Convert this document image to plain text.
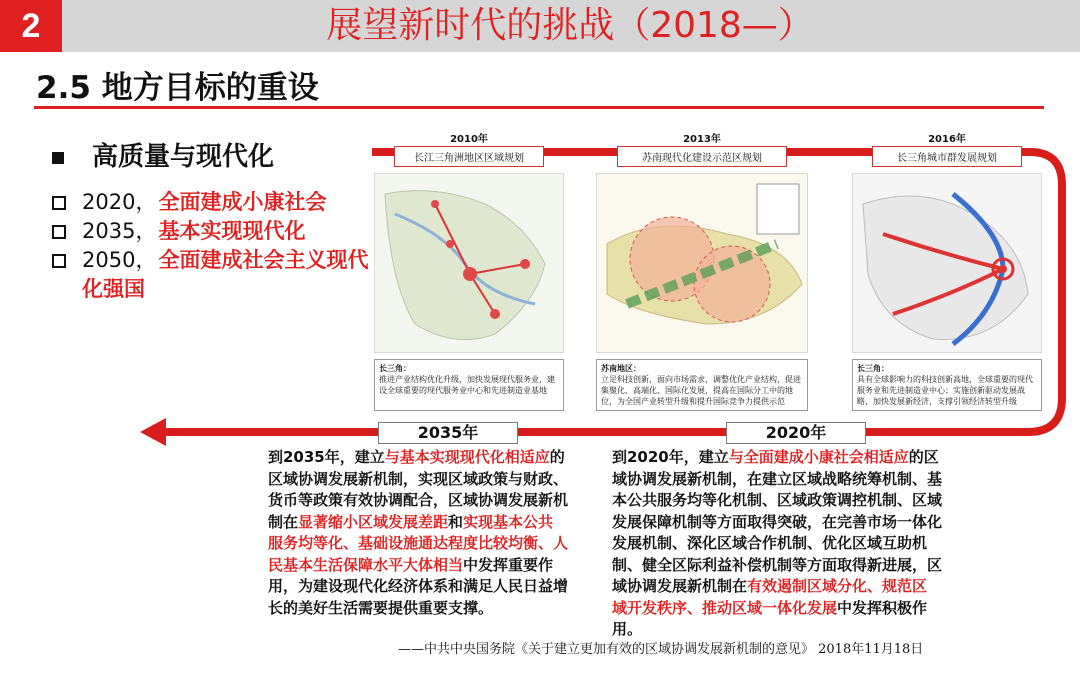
2	展望新时代的挑战（2018—）
2.5 地方目标的重设
高质量与现代化
2020，全面建成小康社会
2035，基本实现现代化
2050，全面建成社会主义现代化强国
2010年
长江三角洲地区区域规划
长三角：
推进产业结构优化升级，加快发展现代服务业，建设全球重要的现代服务业中心和先进制造业基地
2013年
苏南现代化建设示范区规划
苏南地区：
立足科技创新，面向市场需求，调整优化产业结构，促进集聚化、高端化、国际化发展，提高在国际分工中的地位，为全国产业转型升级和提升国际竞争力提供示范
2016年
长三角城市群发展规划
长三角：
具有全球影响力的科技创新高地，全球重要的现代服务业和先进制造业中心；实施创新驱动发展战略，加快发展新经济，支撑引领经济转型升级
2035年	2020年
到2035年，建立与基本实现现代化相适应的区域协调发展新机制，实现区域政策与财政、货币等政策有效协调配合，区域协调发展新机制在显著缩小区域发展差距和实现基本公共服务均等化、基础设施通达程度比较均衡、人民基本生活保障水平大体相当中发挥重要作用，为建设现代化经济体系和满足人民日益增长的美好生活需要提供重要支撑。
到2020年，建立与全面建成小康社会相适应的区域协调发展新机制，在建立区域战略统筹机制、基本公共服务均等化机制、区域政策调控机制、区域发展保障机制等方面取得突破，在完善市场一体化发展机制、深化区域合作机制、优化区域互助机制、健全区际利益补偿机制等方面取得新进展，区域协调发展新机制在有效遏制区域分化、规范区域开发秩序、推动区域一体化发展中发挥积极作用。
——中共中央国务院《关于建立更加有效的区域协调发展新机制的意见》 2018年11月18日
